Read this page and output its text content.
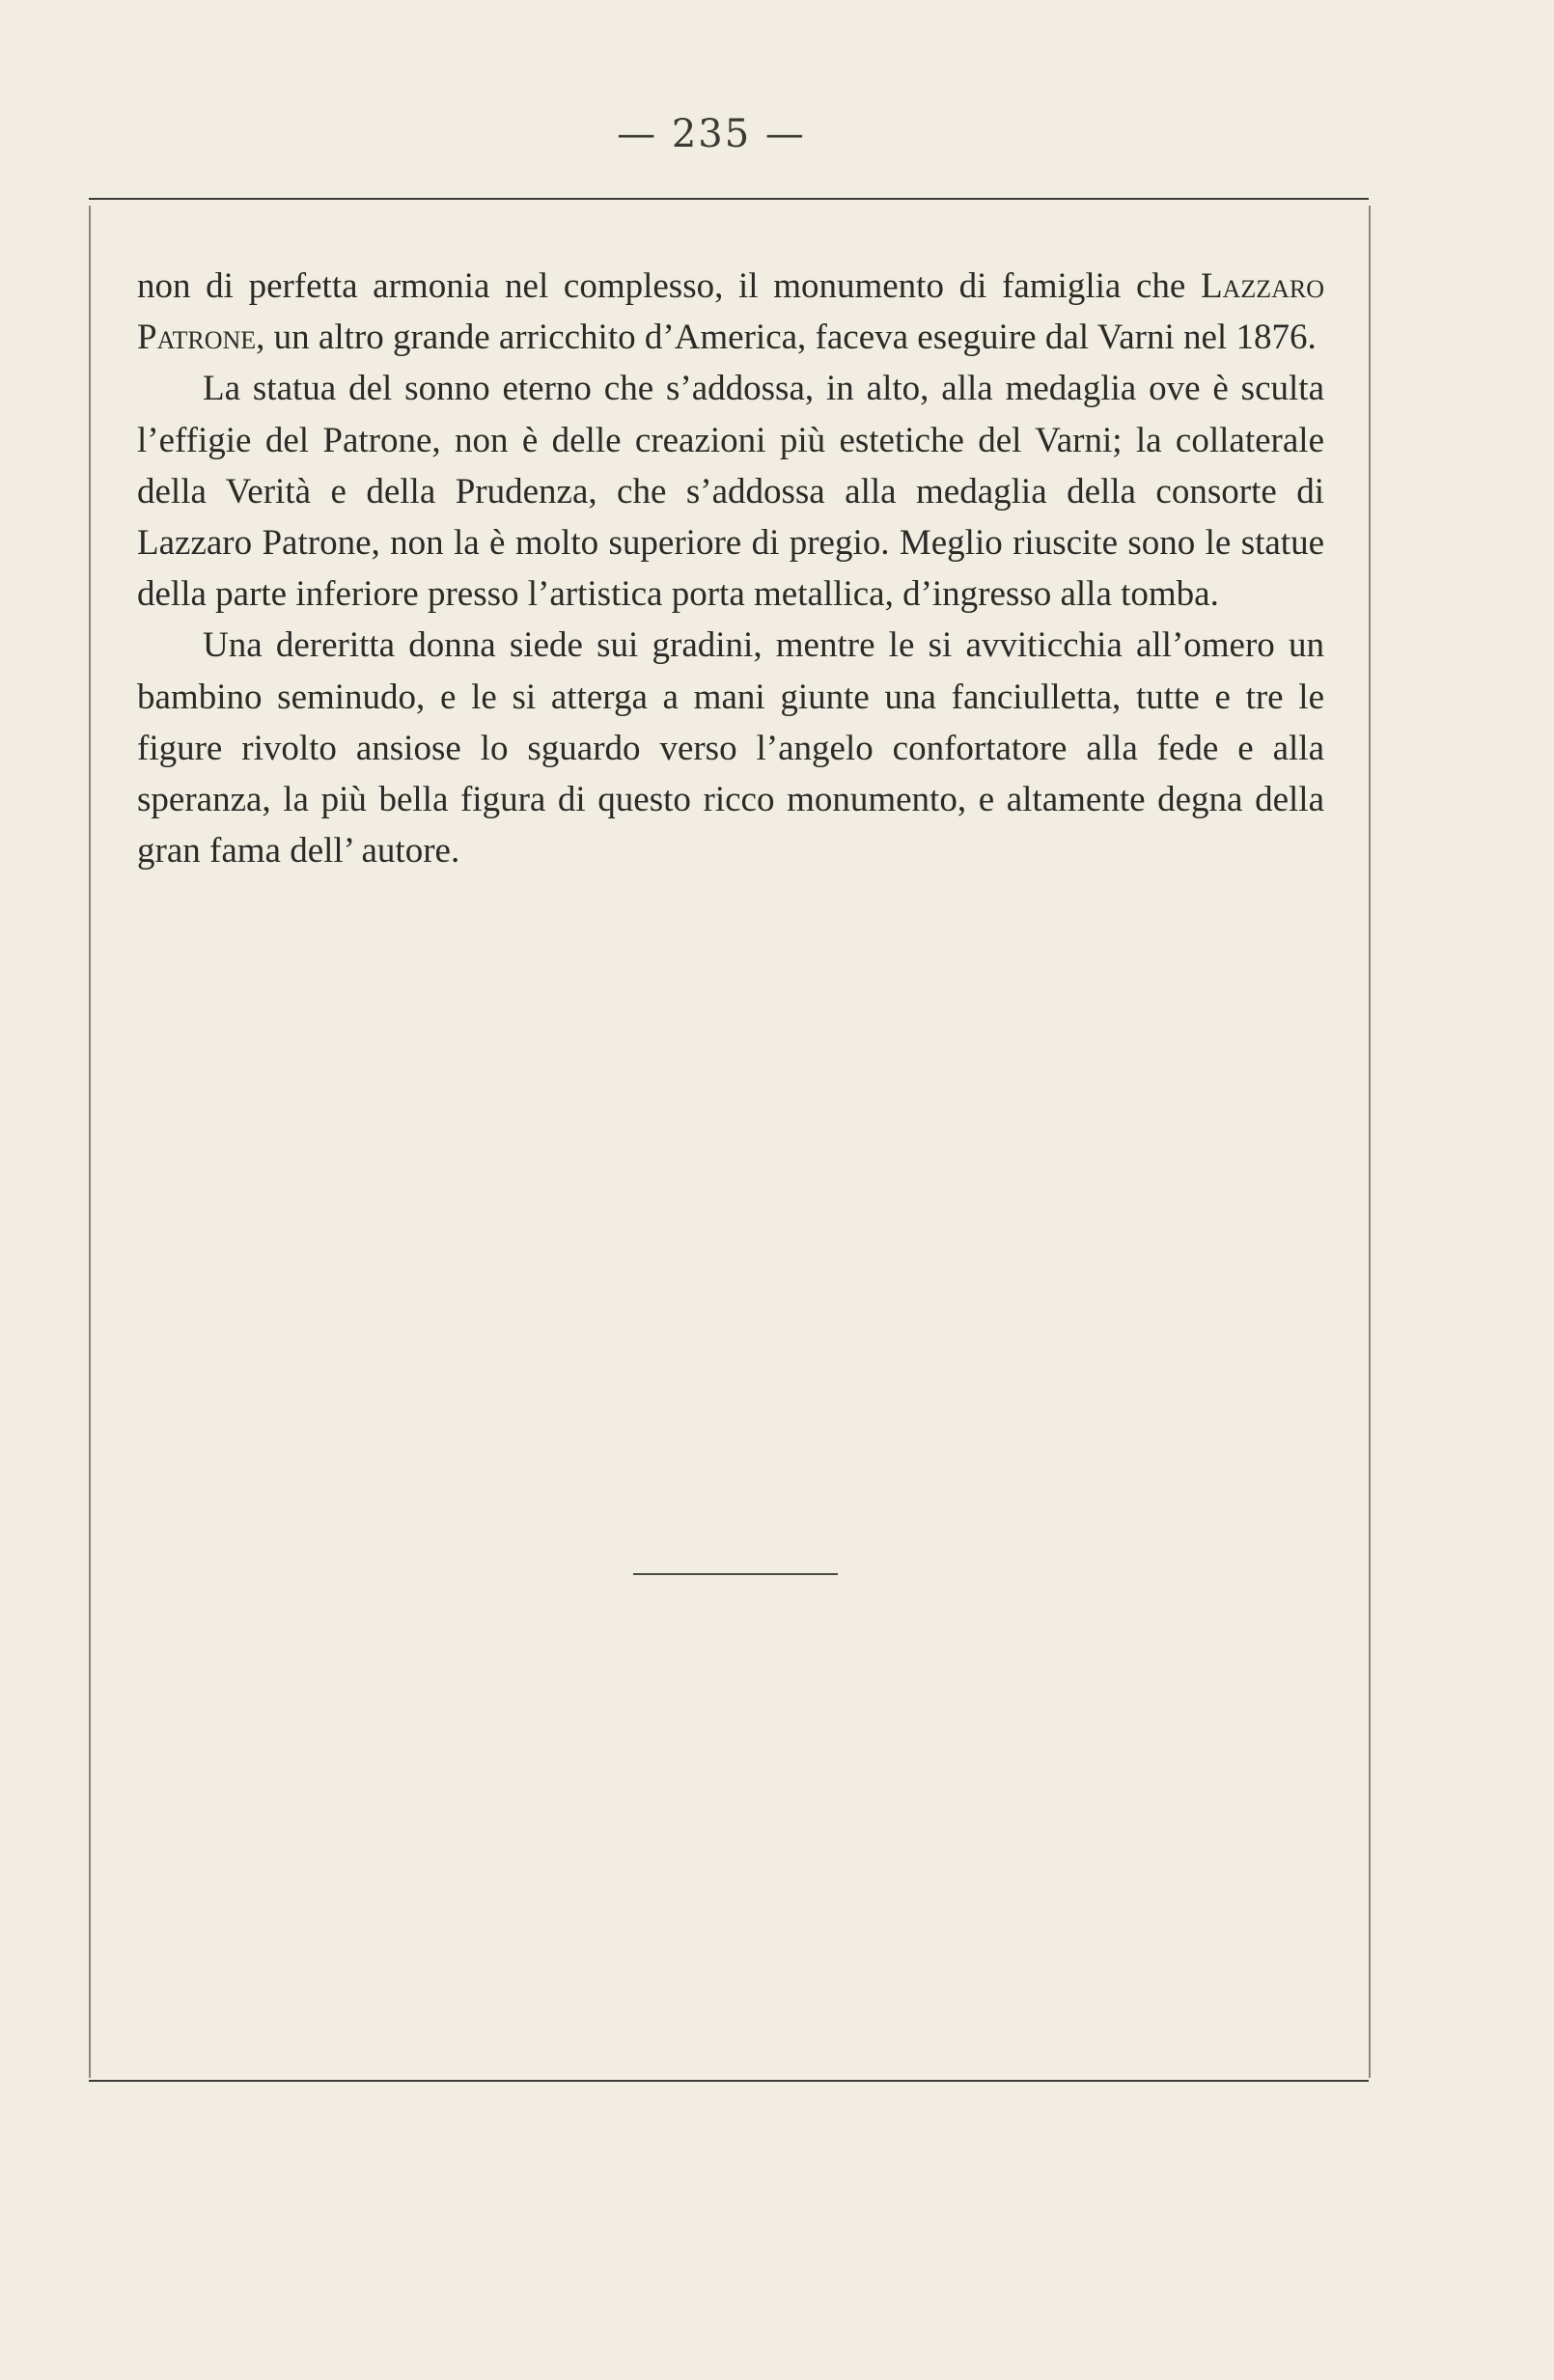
— 235 —

non di perfetta armonia nel complesso, il monumento di famiglia che Lazzaro Patrone, un altro grande arricchito d’America, faceva eseguire dal Varni nel 1876.

La statua del sonno eterno che s’addossa, in alto, alla medaglia ove è sculta l’effigie del Patrone, non è delle creazioni più estetiche del Varni; la collaterale della Verità e della Prudenza, che s’addossa alla medaglia della consorte di Lazzaro Patrone, non la è molto superiore di pregio. Meglio riuscite sono le statue della parte inferiore presso l’artistica porta metallica, d’ingresso alla tomba.

Una dereritta donna siede sui gradini, mentre le si avviticchia all’omero un bambino seminudo, e le si atterga a mani giunte una fanciulletta, tutte e tre le figure rivolto ansiose lo sguardo verso l’angelo confortatore alla fede e alla speranza, la più bella figura di questo ricco monumento, e altamente degna della gran fama dell’ autore.
